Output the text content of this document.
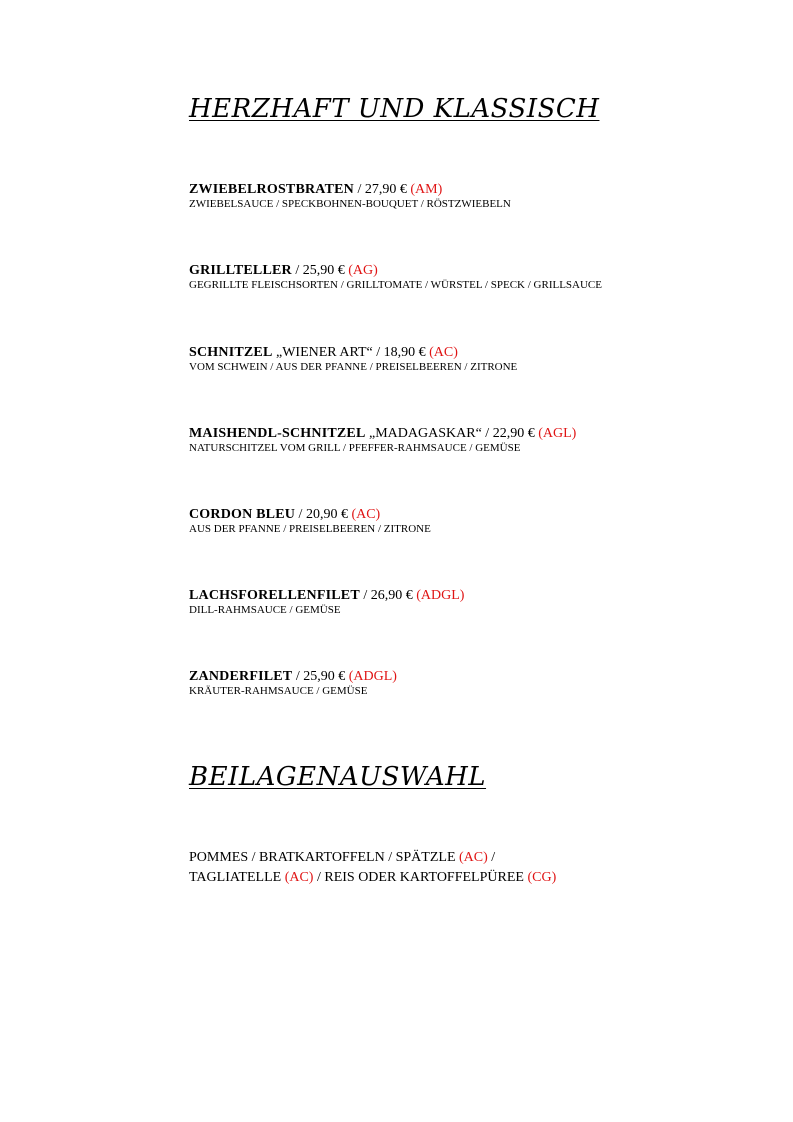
HERZHAFT UND KLASSISCH
ZWIEBELROSTBRATEN / 27,90 € (AM)
ZWIEBELSAUCE / SPECKBOHNEN-BOUQUET / RÖSTZWIEBELN
GRILLTELLER / 25,90 € (AG)
GEGRILLTE FLEISCHSORTEN / GRILLTOMATE / WÜRSTEL / SPECK / GRILLSAUCE
SCHNITZEL „WIENER ART“ / 18,90 € (AC)
VOM SCHWEIN / AUS DER PFANNE / PREISELBEEREN / ZITRONE
MAISHENDL-SCHNITZEL „MADAGASKAR“ / 22,90 € (AGL)
NATURSCHITZEL VOM GRILL / PFEFFER-RAHMSAUCE / GEMÜSE
CORDON BLEU / 20,90 € (AC)
AUS DER PFANNE / PREISELBEEREN / ZITRONE
LACHSFORELLENFILET / 26,90 € (ADGL)
DILL-RAHMSAUCE / GEMÜSE
ZANDERFILET / 25,90 € (ADGL)
KRÄUTER-RAHMSAUCE / GEMÜSE
BEILAGENAUSWAHL
POMMES / BRATKARTOFFELN / SPÄTZLE (AC) /
TAGLIATELLE (AC) / REIS ODER KARTOFFELPÜREE (CG)
